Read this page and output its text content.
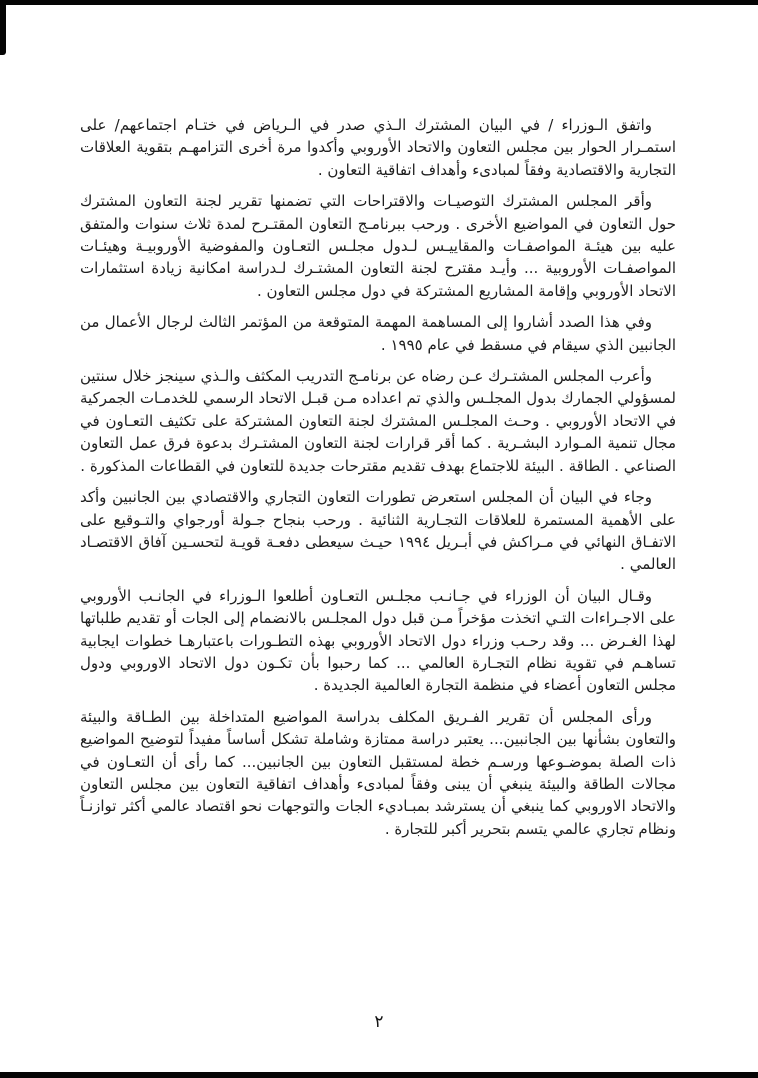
واتفق الـوزراء / في البيان المشترك الـذي صدر في الـرياض في ختـام اجتماعهم/ على استمـرار الحوار بين مجلس التعاون والاتحاد الأوروبي وأكدوا مرة أخرى التزامهـم بتقوية العلاقات التجارية والاقتصادية وفقاً لمبادىء وأهداف اتفاقية التعاون .

وأقر المجلس المشترك التوصيـات والاقتراحات التي تضمنها تقرير لجنة التعاون المشترك حول التعاون في المواضيع الأخرى . ورحب ببرنامـج التعاون المقتـرح لمدة ثلاث سنوات والمتفق عليه بين هيئـة المواصفـات والمقاييـس لـدول مجلـس التعـاون والمفوضية الأوروبيـة وهيئـات المواصفـات الأوروبية ... وأيـد مقترح لجنة التعاون المشتـرك لـدراسة امكانية زيادة استثمارات الاتحاد الأوروبي وإقامة المشاريع المشتركة في دول مجلس التعاون .

وفي هذا الصدد أشاروا إلى المساهمة المهمة المتوقعة من المؤتمر الثالث لرجال الأعمال من الجانبين الذي سيقام في مسقط في عام ١٩٩٥ .

وأعرب المجلس المشتـرك عـن رضاه عن برنامـج التدريب المكثف والـذي سينجز خلال سنتين لمسؤولي الجمارك بدول المجلـس والذي تم اعداده مـن قبـل الاتحاد الرسمي للخدمـات الجمركية في الاتحاد الأوروبي . وحـث المجلـس المشترك لجنة التعاون المشتركة على تكثيف التعـاون في مجال تنمية المـوارد البشـرية . كما أقر قرارات لجنة التعاون المشتـرك بدعوة فرق عمل التعاون الصناعي . الطاقة . البيئة للاجتماع بهدف تقديم مقترحات جديدة للتعاون في القطاعات المذكورة .

وجاء في البيان أن المجلس استعرض تطورات التعاون التجاري والاقتصادي بين الجانبين وأكد على الأهمية المستمرة للعلاقات التجـارية الثنائية . ورحب بنجاح جـولة أورجواي والتـوقيع على الاتفـاق النهائي في مـراكش في أبـريل ١٩٩٤ حيـث سيعطى دفعـة قويـة لتحسـين آفاق الاقتصـاد العالمي .

وقـال البيان أن الوزراء في جـانـب مجلـس التعـاون أطلعوا الـوزراء في الجانـب الأوروبي على الاجـراءات التـي اتخذت مؤخراً مـن قبل دول المجلـس بالانضمام إلى الجات أو تقديم طلباتها لهذا الغـرض ... وقد رحـب وزراء دول الاتحاد الأوروبي بهذه التطـورات باعتبارهـا خطوات ايجابية تساهـم في تقوية نظام التجـارة العالمي ... كما رحبوا بأن تكـون دول الاتحاد الاوروبي ودول مجلس التعاون أعضاء في منظمة التجارة العالمية الجديدة .

ورأى المجلس أن تقرير الفـريق المكلف بدراسة المواضيع المتداخلة بين الطـاقة والبيئة والتعاون بشأنها بين الجانبين... يعتبر دراسة ممتازة وشاملة تشكل أساساً مفيداً لتوضيح المواضيع ذات الصلة بموضـوعها ورسـم خطة لمستقبل التعاون بين الجانبين... كما رأى أن التعـاون في مجالات الطاقة والبيئة ينبغي أن يبنى وفقاً لمبادىء وأهداف اتفاقية التعاون بين مجلس التعاون والاتحاد الاوروبي كما ينبغي أن يسترشد بمبـاديء الجات والتوجهات نحو اقتصاد عالمي أكثر توازنـاً ونظام تجاري عالمي يتسم بتحرير أكبر للتجارة .

٢
